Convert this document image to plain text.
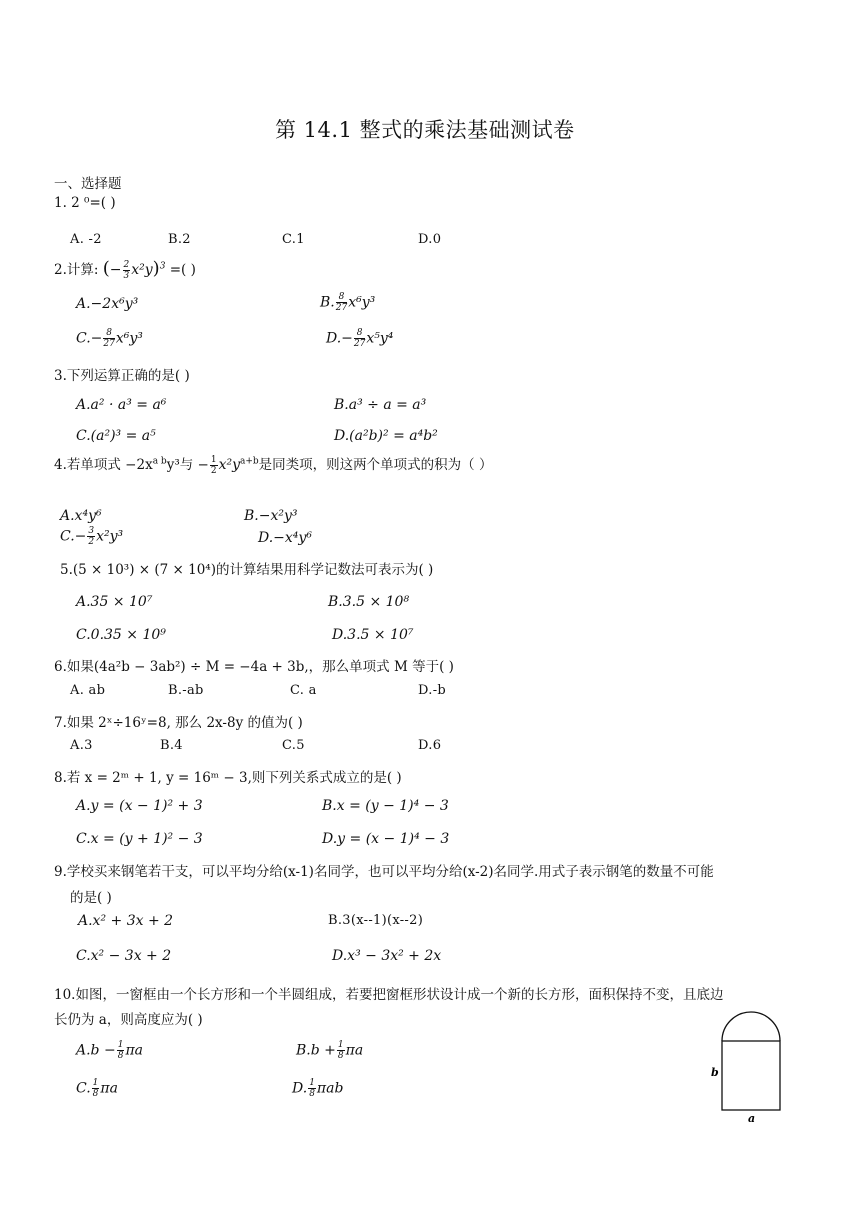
第 14.1 整式的乘法基础测试卷
一、选择题
1. 2 ⁰=( )
A. -2	B.2	C.1	D.0
2.计算: (− $\frac{2}{3} x^2y)^3$ =( )
A.−2x⁶y³	B. $\frac{8}{27} x^6y^3$
$C.- \frac{8}{27} x^6y^3$	$D.- \frac{8}{27} x^5y^4$
3.下列运算正确的是( )
A.a² · a³ = a⁶	B.a³ ÷ a = a³
C.(a²)³ = a⁵	D.(a²b)² = a⁴b²
4.若单项式 $-2x^{a b}y^3$与 − $\frac{1}{2} x^2y^{a+b}$是同类项，则这两个单项式的积为（ ）
A.x⁴y⁶	B.−x²y³
$C.- \frac{3}{2} x^2y^3$	D.−x⁴y⁶
5.(5 × 10³) × (7 × 10⁴)的计算结果用科学记数法可表示为( )
A.35 × 10⁷	B.3.5 × 10⁸
C.0.35 × 10⁹	D.3.5 × 10⁷
6.如果(4a²b − 3ab²) ÷ M = −4a + 3b,，那么单项式 M 等于( )
A. ab	B.-ab	C. a	D.-b
7.如果 2ˣ÷16ʸ=8, 那么 2x-8y 的值为( )
A.3	B.4	C.5	D.6
8.若 x = 2ᵐ + 1, y = 16ᵐ − 3,则下列关系式成立的是( )
A.y = (x − 1)² + 3	B.x = (y − 1)⁴ − 3
C.x = (y + 1)² − 3	D.y = (x − 1)⁴ − 3
9.学校买来钢笔若干支，可以平均分给(x-1)名同学，也可以平均分给(x-2)名同学.用式子表示钢笔的数量不可能
的是( )
A.x² + 3x + 2	B.3(x--1)(x--2)
C.x² − 3x + 2	D.x³ − 3x² + 2x
10.如图，一窗框由一个长方形和一个半圆组成，若要把窗框形状设计成一个新的长方形，面积保持不变，且底边
长仍为 a，则高度应为( )
$A.b - \frac{1}{8}$ πa	$B.b + \frac{1}{8}$ πa
C. $\frac{1}{8}$ πa	D. $\frac{1}{8}$ πab
b
a
